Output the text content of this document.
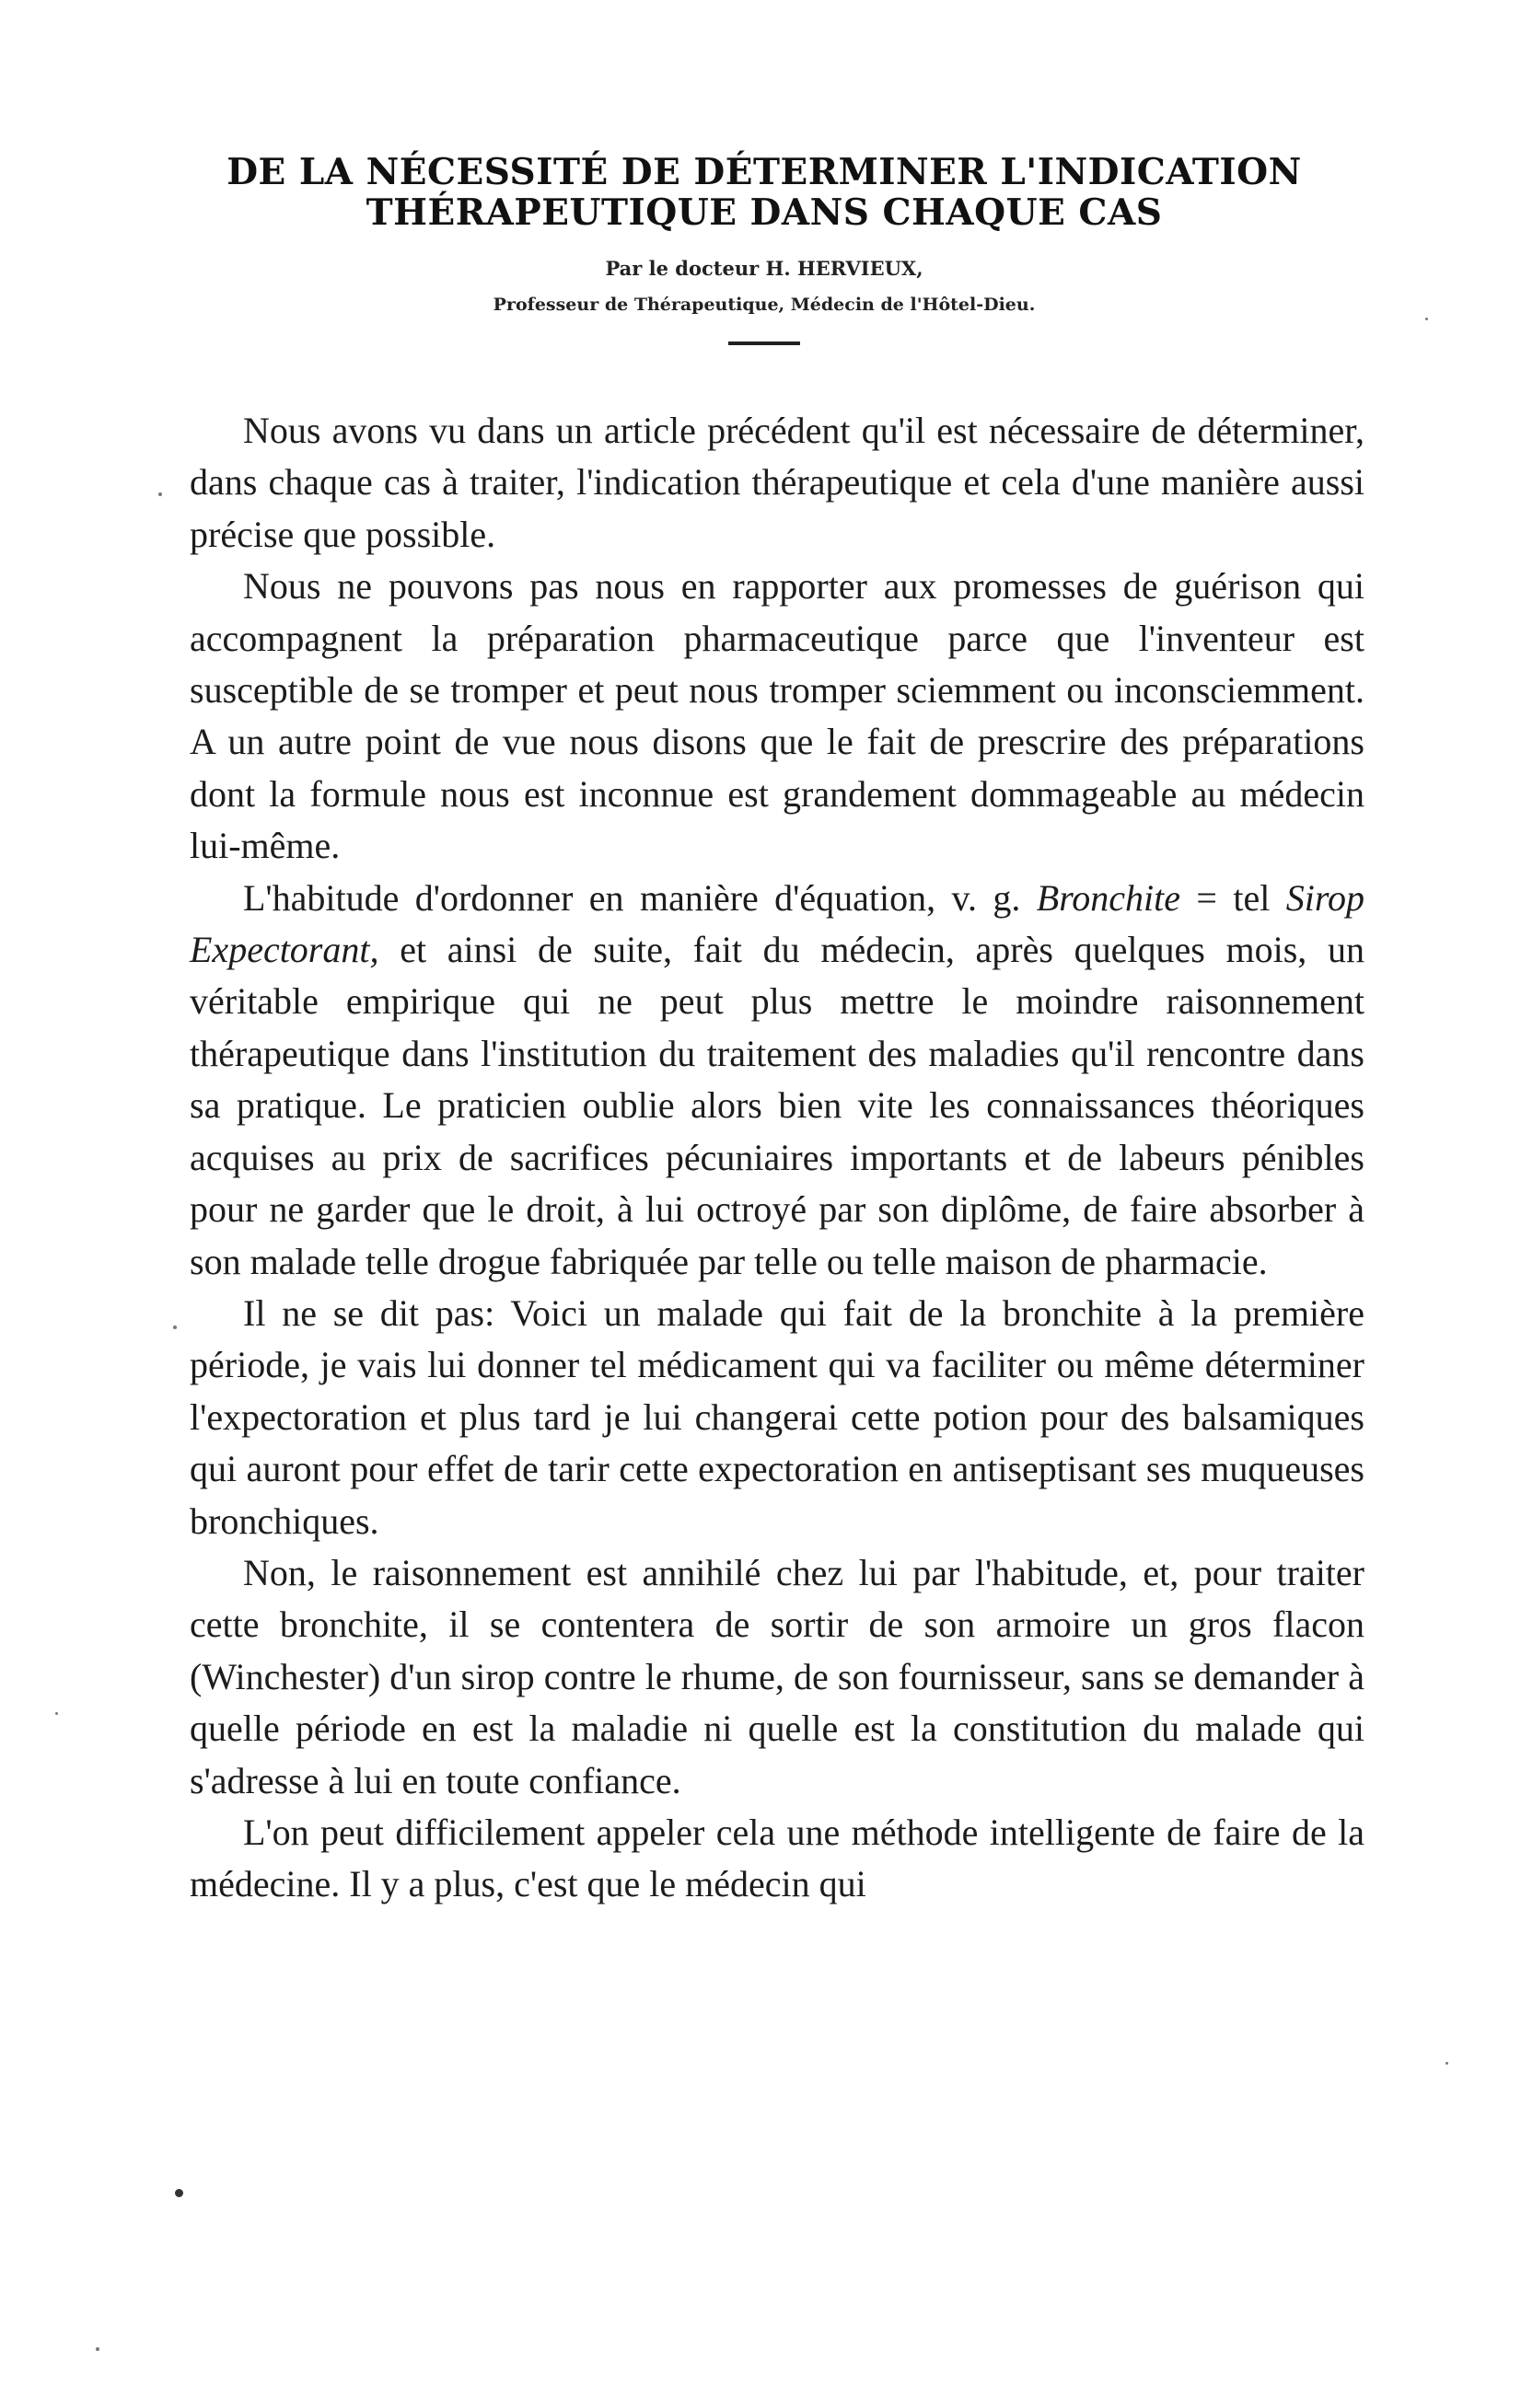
DE LA NÉCESSITÉ DE DÉTERMINER L'INDICATION
THÉRAPEUTIQUE DANS CHAQUE CAS
Par le docteur H. HERVIEUX,
Professeur de Thérapeutique, Médecin de l'Hôtel-Dieu.

Nous avons vu dans un article précédent qu'il est nécessaire de déterminer, dans chaque cas à traiter, l'indication thérapeutique et cela d'une manière aussi précise que possible.

Nous ne pouvons pas nous en rapporter aux promesses de guérison qui accompagnent la préparation pharmaceutique parce que l'inventeur est susceptible de se tromper et peut nous tromper sciemment ou inconsciemment. A un autre point de vue nous disons que le fait de prescrire des préparations dont la formule nous est inconnue est grandement dommageable au médecin lui-même.

L'habitude d'ordonner en manière d'équation, v. g. Bronchite = tel Sirop Expectorant, et ainsi de suite, fait du médecin, après quelques mois, un véritable empirique qui ne peut plus mettre le moindre raisonnement thérapeutique dans l'institution du traitement des maladies qu'il rencontre dans sa pratique. Le praticien oublie alors bien vite les connaissances théoriques acquises au prix de sacrifices pécuniaires importants et de labeurs pénibles pour ne garder que le droit, à lui octroyé par son diplôme, de faire absorber à son malade telle drogue fabriquée par telle ou telle maison de pharmacie.

Il ne se dit pas: Voici un malade qui fait de la bronchite à la première période, je vais lui donner tel médicament qui va faciliter ou même déterminer l'expectoration et plus tard je lui changerai cette potion pour des balsamiques qui auront pour effet de tarir cette expectoration en antiseptisant ses muqueuses bronchiques.

Non, le raisonnement est annihilé chez lui par l'habitude, et, pour traiter cette bronchite, il se contentera de sortir de son armoire un gros flacon (Winchester) d'un sirop contre le rhume, de son fournisseur, sans se demander à quelle période en est la maladie ni quelle est la constitution du malade qui s'adresse à lui en toute confiance.

L'on peut difficilement appeler cela une méthode intelligente de faire de la médecine. Il y a plus, c'est que le médecin qui
